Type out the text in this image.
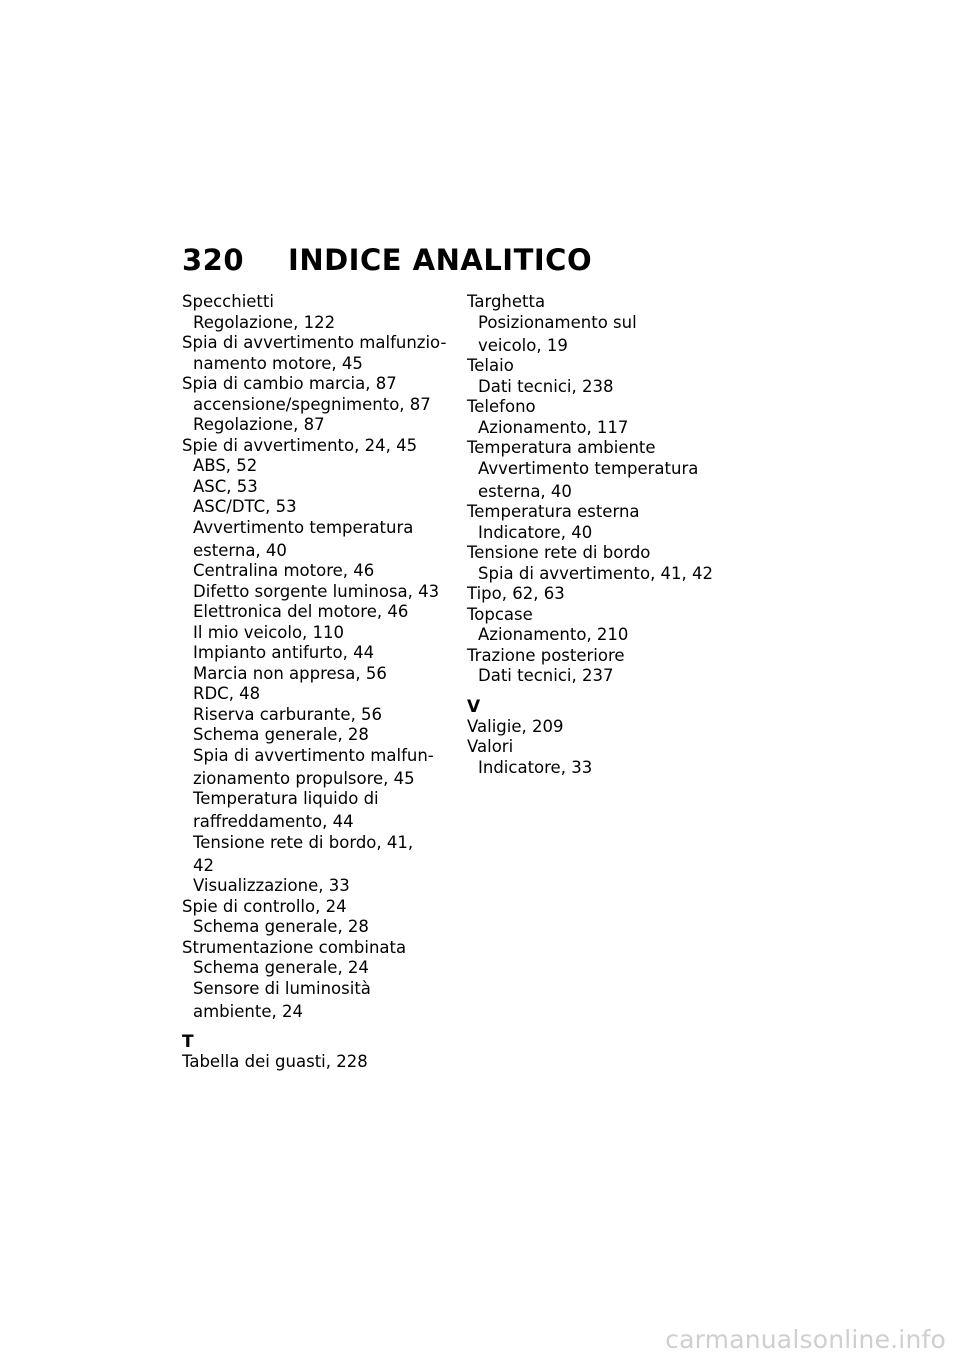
320 INDICE ANALITICO
Specchietti
Regolazione, 122
Spia di avvertimento malfunzio-
namento motore, 45
Spia di cambio marcia, 87
accensione/spegnimento, 87
Regolazione, 87
Spie di avvertimento, 24, 45
ABS, 52
ASC, 53
ASC/DTC, 53
Avvertimento temperatura
esterna, 40
Centralina motore, 46
Difetto sorgente luminosa, 43
Elettronica del motore, 46
Il mio veicolo, 110
Impianto antifurto, 44
Marcia non appresa, 56
RDC, 48
Riserva carburante, 56
Schema generale, 28
Spia di avvertimento malfun-
zionamento propulsore, 45
Temperatura liquido di
raffreddamento, 44
Tensione rete di bordo, 41,
42
Visualizzazione, 33
Spie di controllo, 24
Schema generale, 28
Strumentazione combinata
Schema generale, 24
Sensore di luminosità
ambiente, 24
T
Tabella dei guasti, 228
Targhetta
Posizionamento sul
veicolo, 19
Telaio
Dati tecnici, 238
Telefono
Azionamento, 117
Temperatura ambiente
Avvertimento temperatura
esterna, 40
Temperatura esterna
Indicatore, 40
Tensione rete di bordo
Spia di avvertimento, 41, 42
Tipo, 62, 63
Topcase
Azionamento, 210
Trazione posteriore
Dati tecnici, 237
V
Valigie, 209
Valori
Indicatore, 33
carmanualsonline.info
